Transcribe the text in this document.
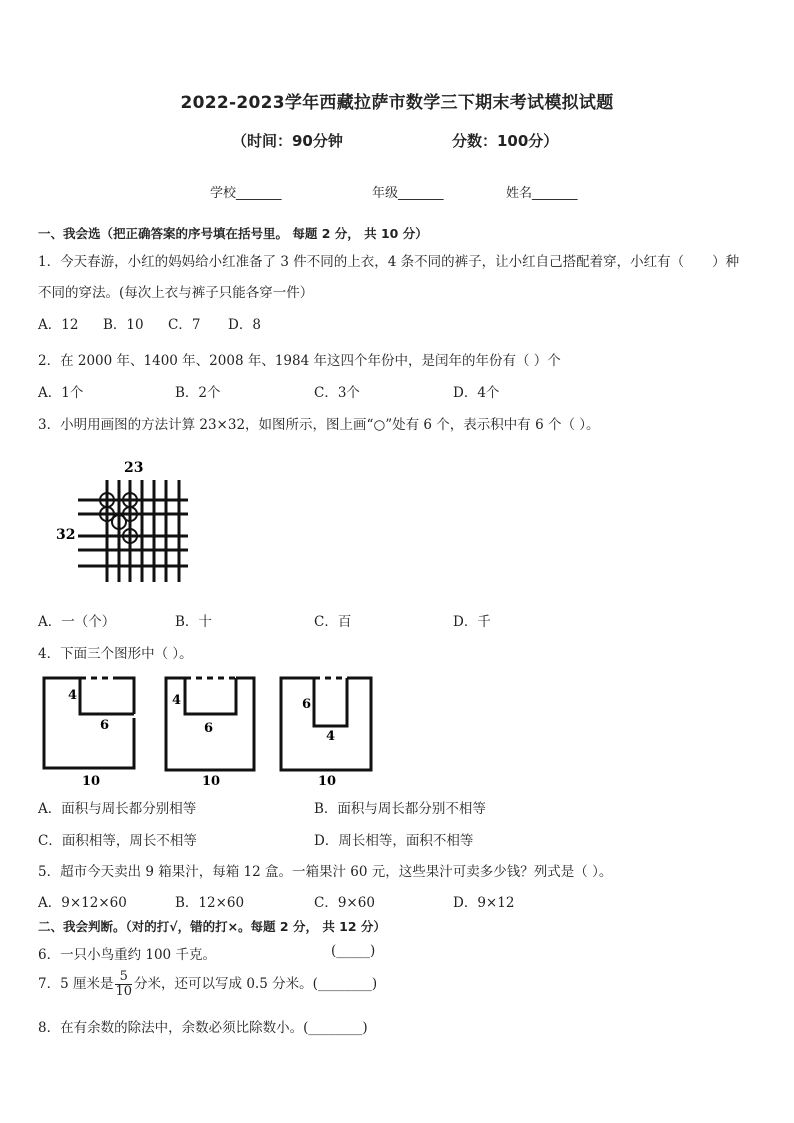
2022-2023学年西藏拉萨市数学三下期末考试模拟试题
（时间：90分钟	分数：100分）
学校_______	年级_______	姓名_______
一、我会选（把正确答案的序号填在括号里。 每题 2 分， 共 10 分）
1．今天春游，小红的妈妈给小红准备了 3 件不同的上衣，4 条不同的裤子，让小红自己搭配着穿，小红有（ ）种
不同的穿法。(每次上衣与裤子只能各穿一件）
A．12 B．10 C．7 D．8
2．在 2000 年、1400 年、2008 年、1984 年这四个年份中，是闰年的年份有（ ）个
A．1个	B．2个	C．3个	D．4个
3．小明用画图的方法计算 23×32，如图所示，图上画“○”处有 6 个，表示积中有 6 个（ ）。
23
32
A．一（个）	B．十	C．百	D．千
4．下面三个图形中（ ）。
4
6
10
4
6
10
6
4
10
A．面积与周长都分别相等	B．面积与周长都分别不相等
C．面积相等，周长不相等	D．周长相等，面积不相等
5．超市今天卖出 9 箱果汁，每箱 12 盒。一箱果汁 60 元，这些果汁可卖多少钱？列式是（ ）。
A．9×12×60	B．12×60	C．9×60	D．9×12
二、我会判断。（对的打√，错的打×。每题 2 分， 共 12 分）
6．一只小鸟重约 100 千克。	(_____)
7．5 厘米是 $\frac{5}{10}$ 分米，还可以写成 0.5 分米。(________)
8．在有余数的除法中，余数必须比除数小。(________)
